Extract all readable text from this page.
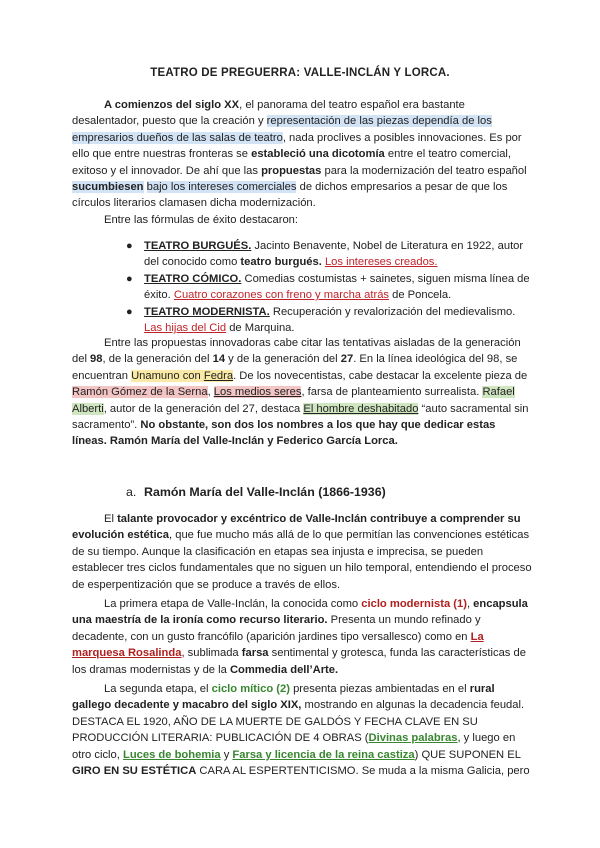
TEATRO DE PREGUERRA: VALLE-INCLÁN Y LORCA.

A comienzos del siglo XX, el panorama del teatro español era bastante desalentador, puesto que la creación y representación de las piezas dependía de los empresarios dueños de las salas de teatro, nada proclives a posibles innovaciones. Es por ello que entre nuestras fronteras se estableció una dicotomía entre el teatro comercial, exitoso y el innovador. De ahí que las propuestas para la modernización del teatro español sucumbiesen bajo los intereses comerciales de dichos empresarios a pesar de que los círculos literarios clamasen dicha modernización.

Entre las fórmulas de éxito destacaron:

● TEATRO BURGUÉS. Jacinto Benavente, Nobel de Literatura en 1922, autor del conocido como teatro burgués. Los intereses creados.
● TEATRO CÓMICO. Comedias costumistas + sainetes, siguen misma línea de éxito. Cuatro corazones con freno y marcha atrás de Poncela.
● TEATRO MODERNISTA. Recuperación y revalorización del medievalismo. Las hijas del Cid de Marquina.

Entre las propuestas innovadoras cabe citar las tentativas aisladas de la generación del 98, de la generación del 14 y de la generación del 27. En la línea ideológica del 98, se encuentran Unamuno con Fedra. De los novecentistas, cabe destacar la excelente pieza de Ramón Gómez de la Serna, Los medios seres, farsa de planteamiento surrealista. Rafael Alberti, autor de la generación del 27, destaca El hombre deshabitado “auto sacramental sin sacramento”. No obstante, son dos los nombres a los que hay que dedicar estas líneas. Ramón María del Valle-Inclán y Federico García Lorca.

a. Ramón María del Valle-Inclán (1866-1936)

El talante provocador y excéntrico de Valle-Inclán contribuye a comprender su evolución estética, que fue mucho más allá de lo que permitían las convenciones estéticas de su tiempo. Aunque la clasificación en etapas sea injusta e imprecisa, se pueden establecer tres ciclos fundamentales que no siguen un hilo temporal, entendiendo el proceso de esperpentización que se produce a través de ellos.

La primera etapa de Valle-Inclán, la conocida como ciclo modernista (1), encapsula una maestría de la ironía como recurso literario. Presenta un mundo refinado y decadente, con un gusto francófilo (aparición jardines tipo versallesco) como en La marquesa Rosalinda, sublimada farsa sentimental y grotesca, funda las características de los dramas modernistas y de la Commedia dell’Arte.

La segunda etapa, el ciclo mítico (2) presenta piezas ambientadas en el rural gallego decadente y macabro del siglo XIX, mostrando en algunas la decadencia feudal. DESTACA EL 1920, AÑO DE LA MUERTE DE GALDÓS Y FECHA CLAVE EN SU PRODUCCIÓN LITERARIA: PUBLICACIÓN DE 4 OBRAS (Divinas palabras, y luego en otro ciclo, Luces de bohemia y Farsa y licencia de la reina castiza) QUE SUPONEN EL GIRO EN SU ESTÉTICA CARA AL ESPERTENTICISMO. Se muda a la misma Galicia, pero
